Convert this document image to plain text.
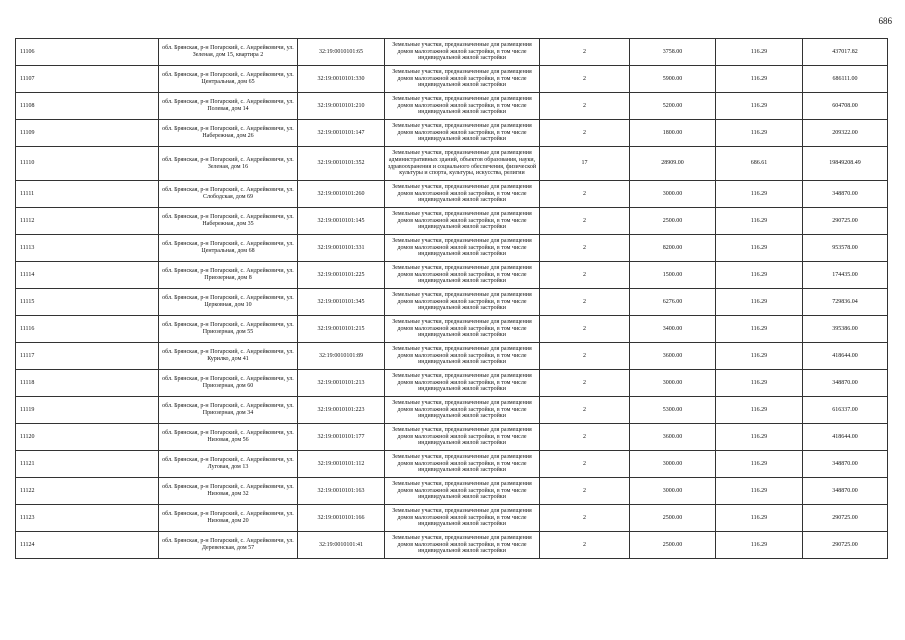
686
11106	обл. Брянская, р-н Погарский, с. Андрейковичи, ул. Зеленая, дом 15, квартира 2	32:19:0010101:65	Земельные участки, предназначенные для размещения домов малоэтажной жилой застройки, в том числе индивидуальной жилой застройки	2	3758.00	116.29	437017.82
11107	обл. Брянская, р-н Погарский, с. Андрейковичи, ул. Центральная, дом 65	32:19:0010101:330	Земельные участки, предназначенные для размещения домов малоэтажной жилой застройки, в том числе индивидуальной жилой застройки	2	5900.00	116.29	686111.00
11108	обл. Брянская, р-н Погарский, с. Андрейковичи, ул. Полевая, дом 14	32:19:0010101:210	Земельные участки, предназначенные для размещения домов малоэтажной жилой застройки, в том числе индивидуальной жилой застройки	2	5200.00	116.29	604708.00
11109	обл. Брянская, р-н Погарский, с. Андрейковичи, ул. Набережная, дом 26	32:19:0010101:147	Земельные участки, предназначенные для размещения домов малоэтажной жилой застройки, в том числе индивидуальной жилой застройки	2	1800.00	116.29	209322.00
11110	обл. Брянская, р-н Погарский, с. Андрейковичи, ул. Зеленая, дом 16	32:19:0010101:352	Земельные участки, предназначенные для размещения административных зданий, объектов образования, науки, здравоохранения и социального обеспечения, физической культуры и спорта, культуры, искусства, религии	17	28909.00	686.61	19849208.49
11111	обл. Брянская, р-н Погарский, с. Андрейковичи, ул. Слободская, дом 69	32:19:0010101:260	Земельные участки, предназначенные для размещения домов малоэтажной жилой застройки, в том числе индивидуальной жилой застройки	2	3000.00	116.29	348870.00
11112	обл. Брянская, р-н Погарский, с. Андрейковичи, ул. Набережная, дом 35	32:19:0010101:145	Земельные участки, предназначенные для размещения домов малоэтажной жилой застройки, в том числе индивидуальной жилой застройки	2	2500.00	116.29	290725.00
11113	обл. Брянская, р-н Погарский, с. Андрейковичи, ул. Центральная, дом 68	32:19:0010101:331	Земельные участки, предназначенные для размещения домов малоэтажной жилой застройки, в том числе индивидуальной жилой застройки	2	8200.00	116.29	953578.00
11114	обл. Брянская, р-н Погарский, с. Андрейковичи, ул. Приозерная, дом 8	32:19:0010101:225	Земельные участки, предназначенные для размещения домов малоэтажной жилой застройки, в том числе индивидуальной жилой застройки	2	1500.00	116.29	174435.00
11115	обл. Брянская, р-н Погарский, с. Андрейковичи, ул. Церковная, дом 10	32:19:0010101:345	Земельные участки, предназначенные для размещения домов малоэтажной жилой застройки, в том числе индивидуальной жилой застройки	2	6276.00	116.29	729836.04
11116	обл. Брянская, р-н Погарский, с. Андрейковичи, ул. Приозерная, дом 55	32:19:0010101:215	Земельные участки, предназначенные для размещения домов малоэтажной жилой застройки, в том числе индивидуальной жилой застройки	2	3400.00	116.29	395386.00
11117	обл. Брянская, р-н Погарский, с. Андрейковичи, ул. Курилко, дом 41	32:19:0010101:89	Земельные участки, предназначенные для размещения домов малоэтажной жилой застройки, в том числе индивидуальной жилой застройки	2	3600.00	116.29	418644.00
11118	обл. Брянская, р-н Погарский, с. Андрейковичи, ул. Приозерная, дом 60	32:19:0010101:213	Земельные участки, предназначенные для размещения домов малоэтажной жилой застройки, в том числе индивидуальной жилой застройки	2	3000.00	116.29	348870.00
11119	обл. Брянская, р-н Погарский, с. Андрейковичи, ул. Приозерная, дом 34	32:19:0010101:223	Земельные участки, предназначенные для размещения домов малоэтажной жилой застройки, в том числе индивидуальной жилой застройки	2	5300.00	116.29	616337.00
11120	обл. Брянская, р-н Погарский, с. Андрейковичи, ул. Низовая, дом 56	32:19:0010101:177	Земельные участки, предназначенные для размещения домов малоэтажной жилой застройки, в том числе индивидуальной жилой застройки	2	3600.00	116.29	418644.00
11121	обл. Брянская, р-н Погарский, с. Андрейковичи, ул. Луговая, дом 13	32:19:0010101:112	Земельные участки, предназначенные для размещения домов малоэтажной жилой застройки, в том числе индивидуальной жилой застройки	2	3000.00	116.29	348870.00
11122	обл. Брянская, р-н Погарский, с. Андрейковичи, ул. Низовая, дом 32	32:19:0010101:163	Земельные участки, предназначенные для размещения домов малоэтажной жилой застройки, в том числе индивидуальной жилой застройки	2	3000.00	116.29	348870.00
11123	обл. Брянская, р-н Погарский, с. Андрейковичи, ул. Низовая, дом 20	32:19:0010101:166	Земельные участки, предназначенные для размещения домов малоэтажной жилой застройки, в том числе индивидуальной жилой застройки	2	2500.00	116.29	290725.00
11124	обл. Брянская, р-н Погарский, с. Андрейковичи, ул. Деревенская, дом 57	32:19:0010101:41	Земельные участки, предназначенные для размещения домов малоэтажной жилой застройки, в том числе индивидуальной жилой застройки	2	2500.00	116.29	290725.00
